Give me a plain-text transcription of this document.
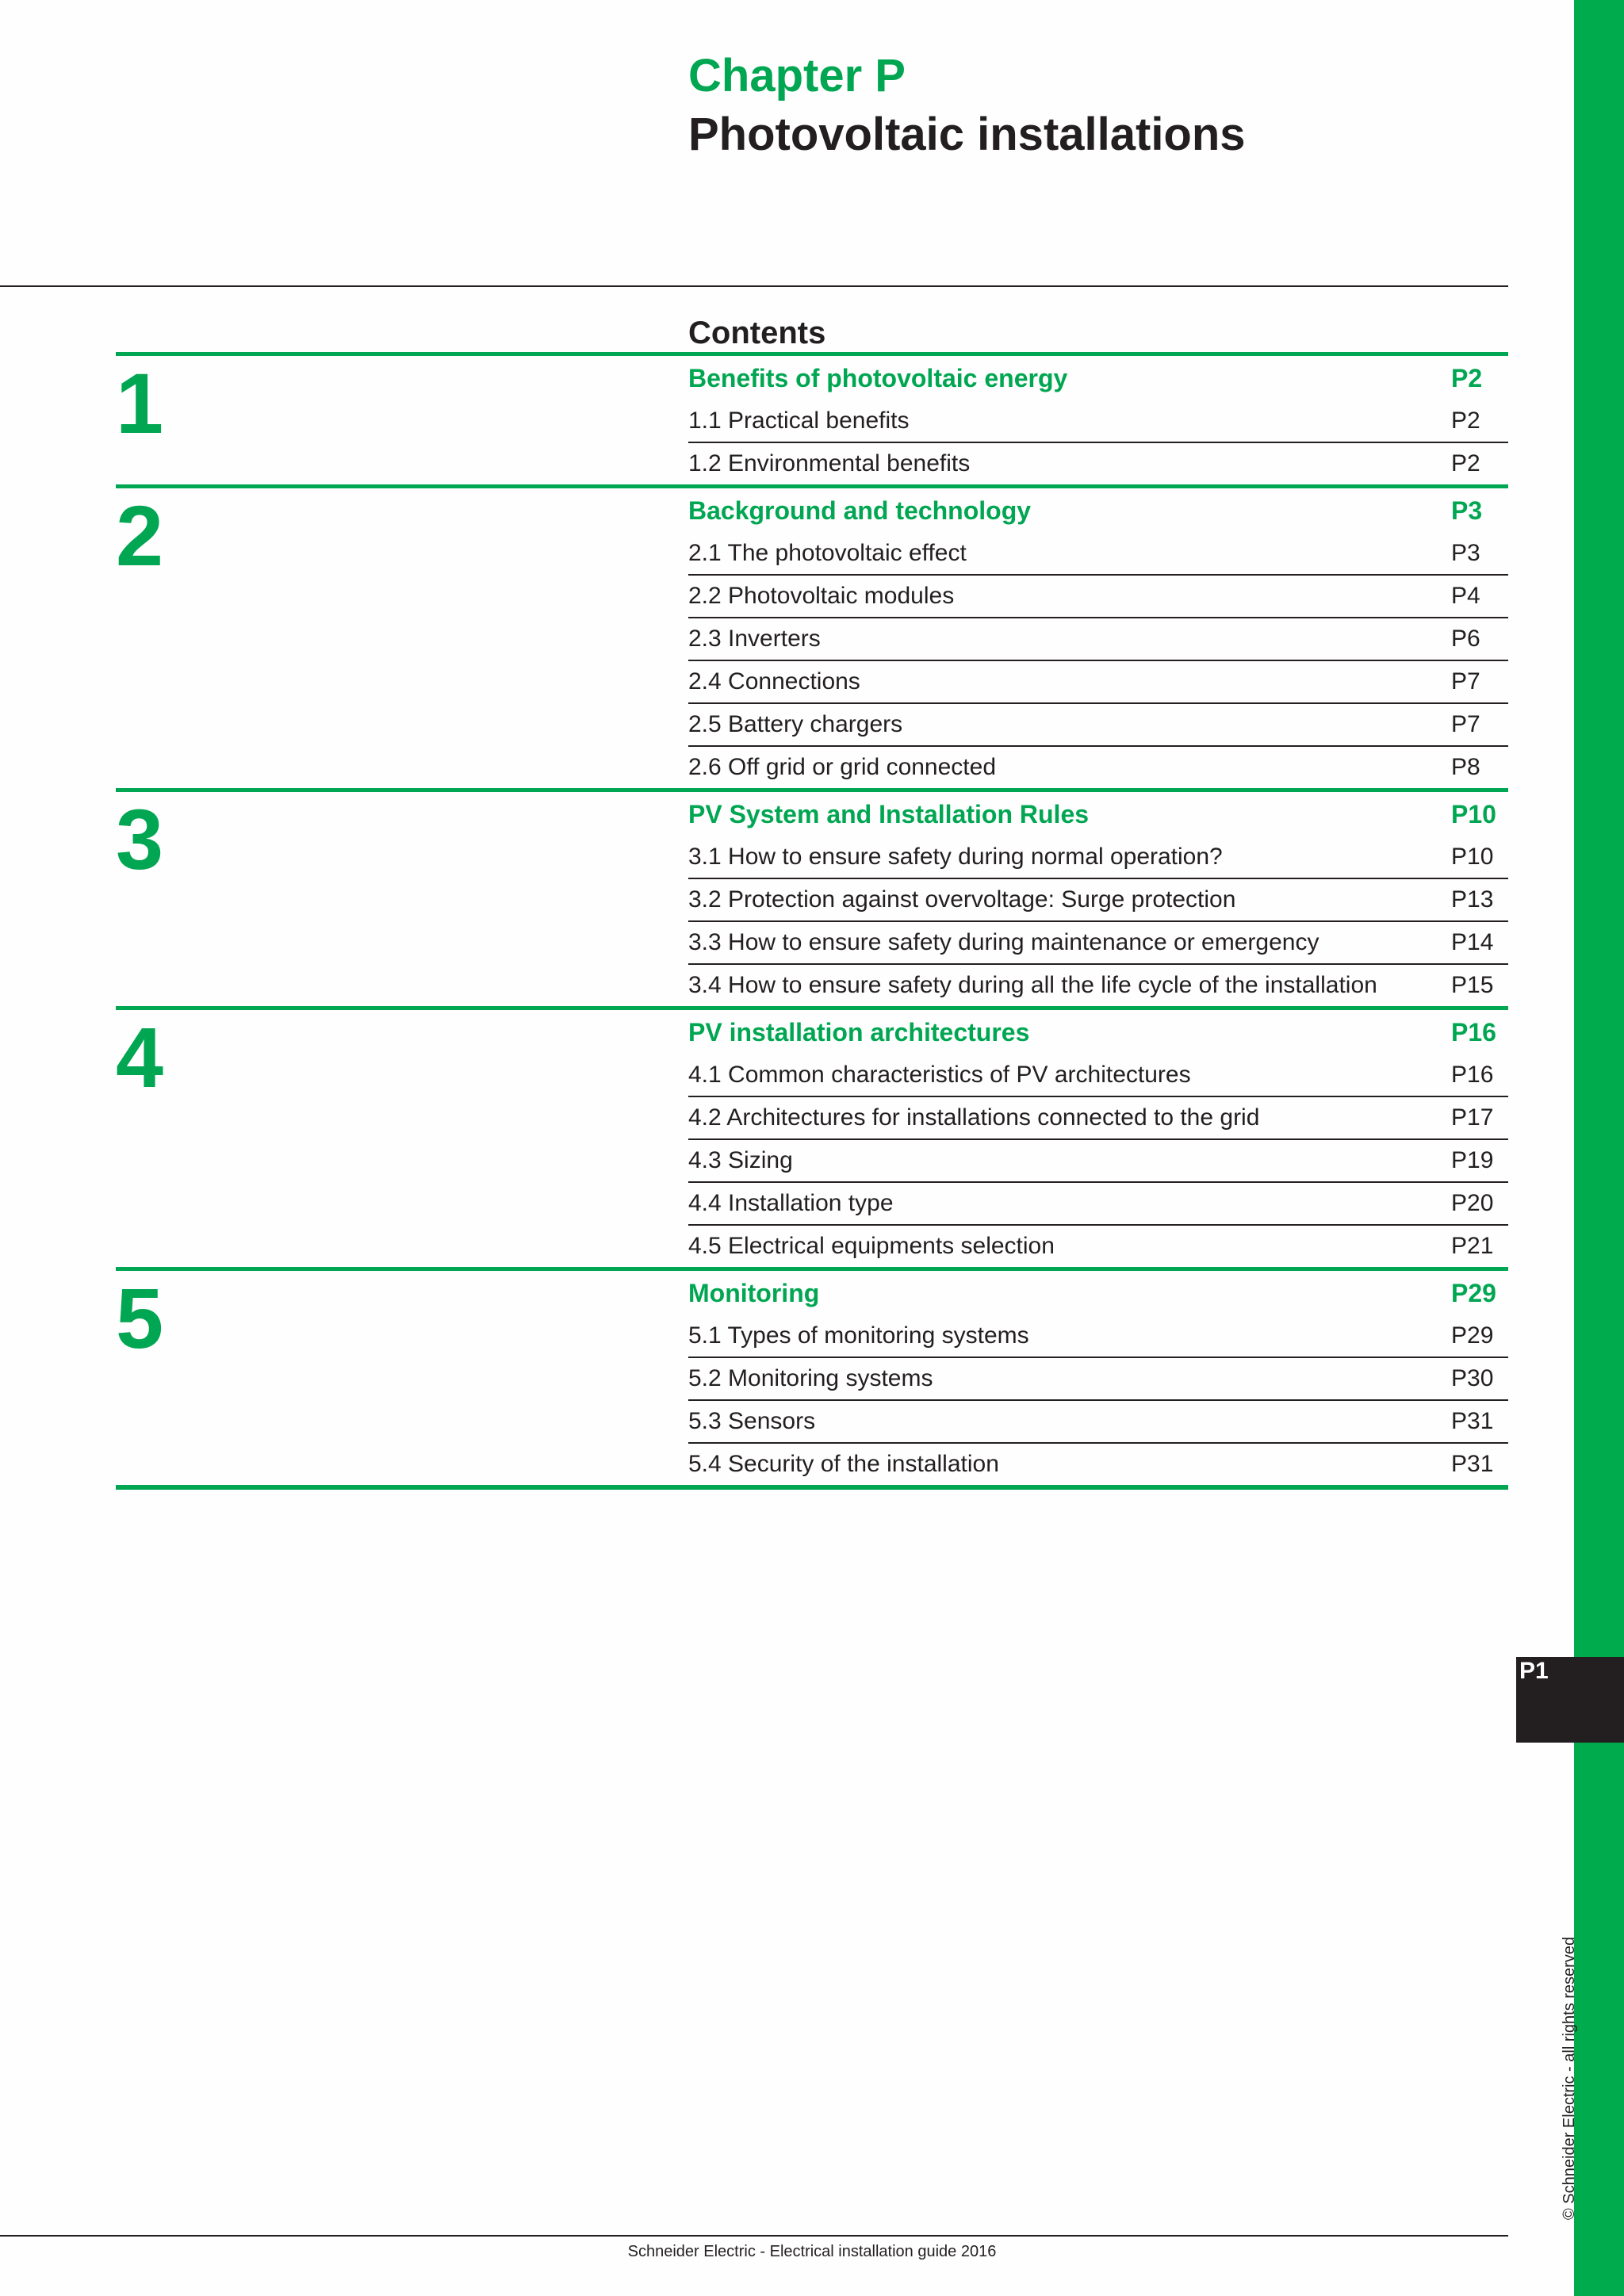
P1
© Schneider Electric - all rights reserved
Chapter P
Photovoltaic installations
Contents
1	Benefits of photovoltaic energy	P2
1.1 Practical benefits	P2
1.2 Environmental benefits	P2
2	Background and technology	P3
2.1 The photovoltaic effect	P3
2.2 Photovoltaic modules	P4
2.3 Inverters	P6
2.4 Connections	P7
2.5 Battery chargers	P7
2.6 Off grid or grid connected	P8
3	PV System and Installation Rules	P10
3.1 How to ensure safety during normal operation?	P10
3.2 Protection against overvoltage: Surge protection	P13
3.3 How to ensure safety during maintenance or emergency	P14
3.4 How to ensure safety during all the life cycle of the installation	P15
4	PV installation architectures	P16
4.1 Common characteristics of PV architectures	P16
4.2 Architectures for installations connected to the grid	P17
4.3 Sizing	P19
4.4 Installation type	P20
4.5 Electrical equipments selection	P21
5	Monitoring	P29
5.1 Types of monitoring systems	P29
5.2 Monitoring systems	P30
5.3 Sensors	P31
5.4 Security of the installation	P31
Schneider Electric - Electrical installation guide 2016
